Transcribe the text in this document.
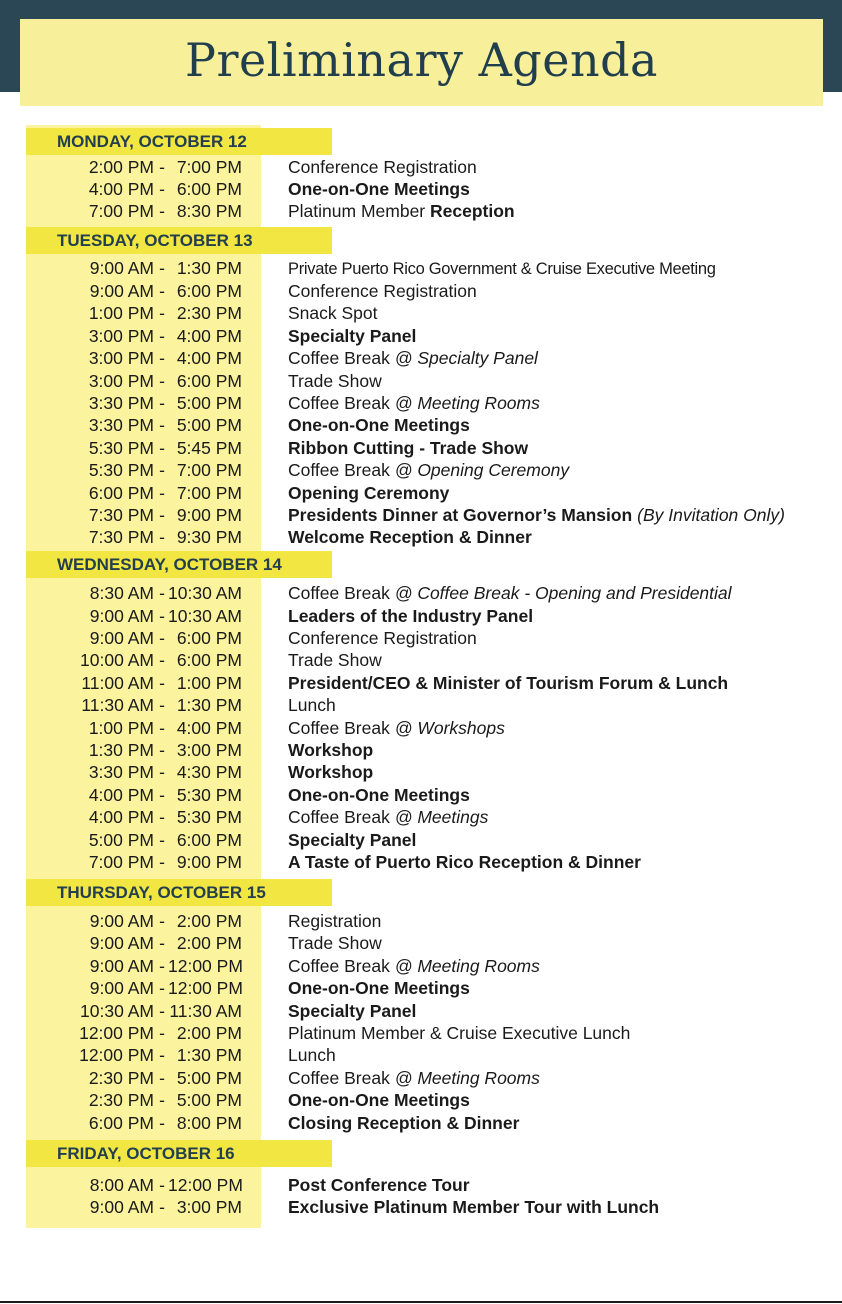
Preliminary Agenda
MONDAY, OCTOBER 12
2:00 PM - 7:00 PM	Conference Registration
4:00 PM - 6:00 PM	One-on-One Meetings
7:00 PM - 8:30 PM	Platinum Member Reception
TUESDAY, OCTOBER 13
9:00 AM - 1:30 PM	Private Puerto Rico Government & Cruise Executive Meeting
9:00 AM - 6:00 PM	Conference Registration
1:00 PM - 2:30 PM	Snack Spot
3:00 PM - 4:00 PM	Specialty Panel
3:00 PM - 4:00 PM	Coffee Break @ Specialty Panel
3:00 PM - 6:00 PM	Trade Show
3:30 PM - 5:00 PM	Coffee Break @ Meeting Rooms
3:30 PM - 5:00 PM	One-on-One Meetings
5:30 PM - 5:45 PM	Ribbon Cutting - Trade Show
5:30 PM - 7:00 PM	Coffee Break @ Opening Ceremony
6:00 PM - 7:00 PM	Opening Ceremony
7:30 PM - 9:00 PM	Presidents Dinner at Governor’s Mansion (By Invitation Only)
7:30 PM - 9:30 PM	Welcome Reception & Dinner
WEDNESDAY, OCTOBER 14
8:30 AM - 10:30 AM	Coffee Break @ Coffee Break - Opening and Presidential
9:00 AM - 10:30 AM	Leaders of the Industry Panel
9:00 AM - 6:00 PM	Conference Registration
10:00 AM - 6:00 PM	Trade Show
11:00 AM - 1:00 PM	President/CEO & Minister of Tourism Forum & Lunch
11:30 AM - 1:30 PM	Lunch
1:00 PM - 4:00 PM	Coffee Break @ Workshops
1:30 PM - 3:00 PM	Workshop
3:30 PM - 4:30 PM	Workshop
4:00 PM - 5:30 PM	One-on-One Meetings
4:00 PM - 5:30 PM	Coffee Break @ Meetings
5:00 PM - 6:00 PM	Specialty Panel
7:00 PM - 9:00 PM	A Taste of Puerto Rico Reception & Dinner
THURSDAY, OCTOBER 15
9:00 AM - 2:00 PM	Registration
9:00 AM - 2:00 PM	Trade Show
9:00 AM - 12:00 PM	Coffee Break @ Meeting Rooms
9:00 AM - 12:00 PM	One-on-One Meetings
10:30 AM - 11:30 AM	Specialty Panel
12:00 PM - 2:00 PM	Platinum Member & Cruise Executive Lunch
12:00 PM - 1:30 PM	Lunch
2:30 PM - 5:00 PM	Coffee Break @ Meeting Rooms
2:30 PM - 5:00 PM	One-on-One Meetings
6:00 PM - 8:00 PM	Closing Reception & Dinner
FRIDAY, OCTOBER 16
8:00 AM - 12:00 PM	Post Conference Tour
9:00 AM - 3:00 PM	Exclusive Platinum Member Tour with Lunch
